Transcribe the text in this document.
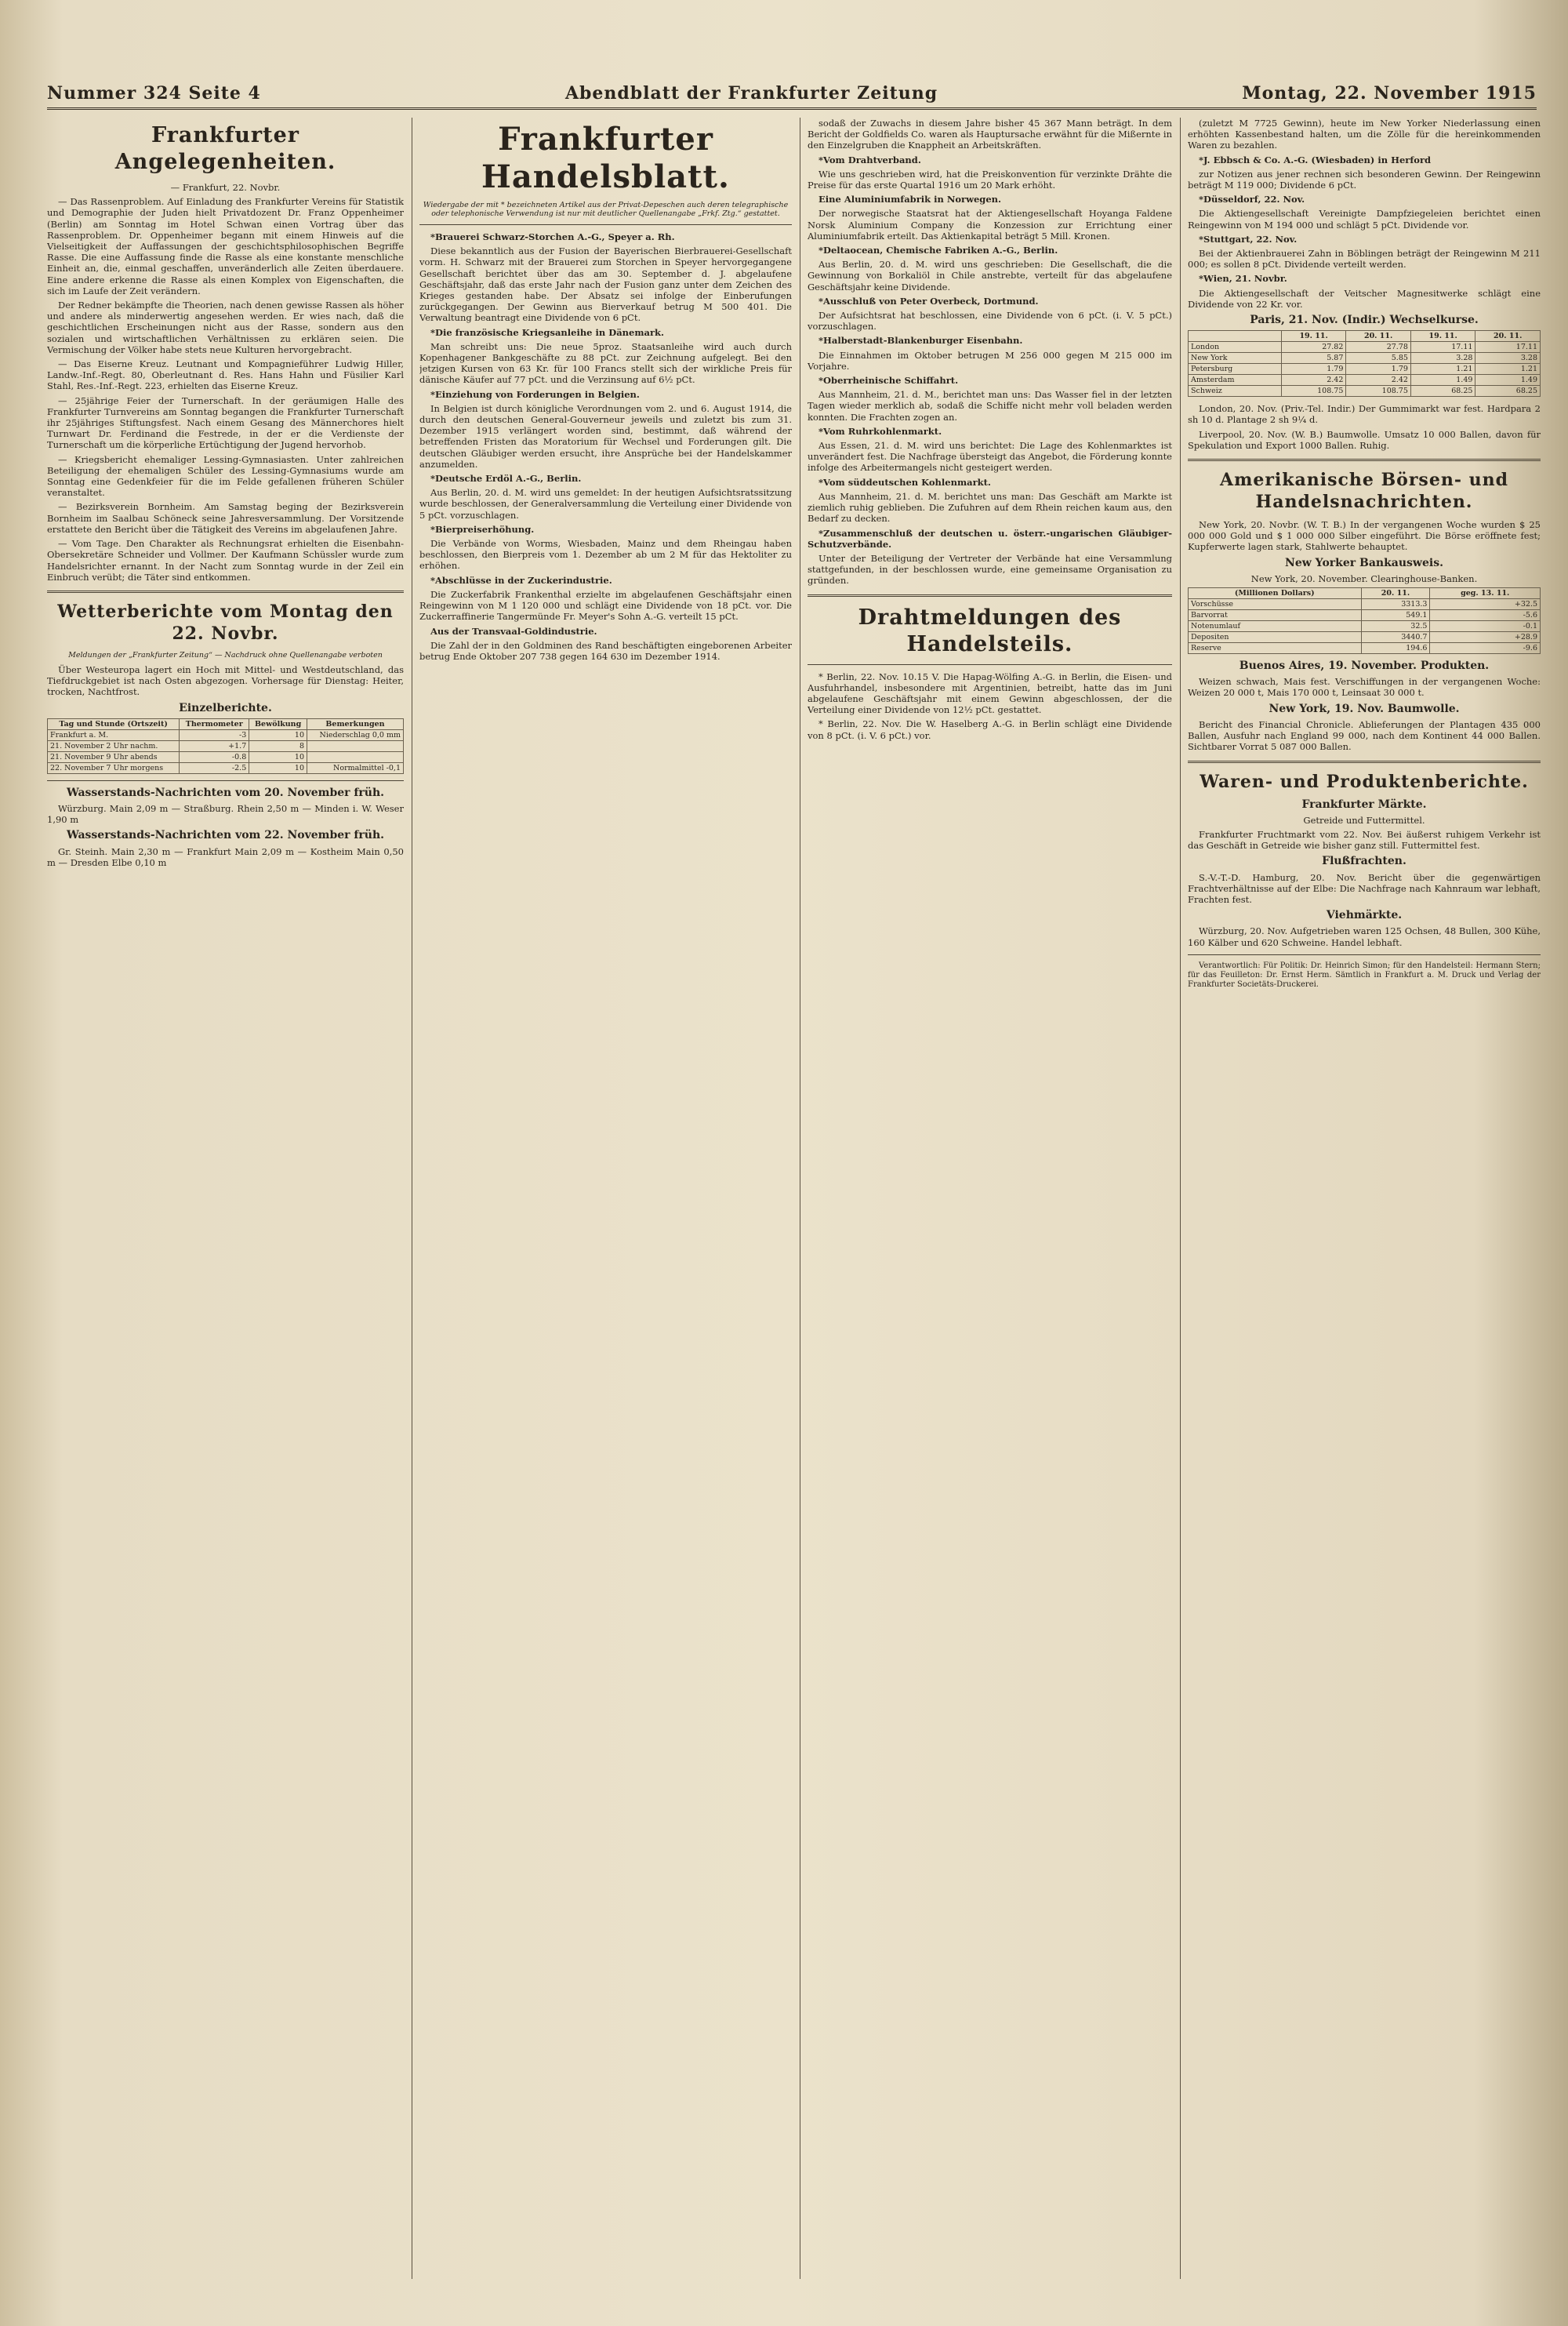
Nummer 324 Seite 4	Abendblatt der Frankfurter Zeitung	Montag, 22. November 1915
Frankfurter Angelegenheiten.

— Frankfurt, 22. Novbr.

— Das Rassenproblem. Auf Einladung des Frankfurter Vereins für Statistik und Demographie der Juden hielt Privatdozent Dr. Franz Oppenheimer (Berlin) am Sonntag im Hotel Schwan einen Vortrag über das Rassenproblem. Dr. Oppenheimer begann mit einem Hinweis auf die Vielseitigkeit der Auffassungen der geschichtsphilosophischen Begriffe Rasse. Die eine Auffassung finde die Rasse als eine konstante menschliche Einheit an, die, einmal geschaffen, unveränderlich alle Zeiten überdauere. Eine andere erkenne die Rasse als einen Komplex von Eigenschaften, die sich im Laufe der Zeit verändern.

Der Redner bekämpfte die Theorien, nach denen gewisse Rassen als höher und andere als minderwertig angesehen werden. Er wies nach, daß die geschichtlichen Erscheinungen nicht aus der Rasse, sondern aus den sozialen und wirtschaftlichen Verhältnissen zu erklären seien. Die Vermischung der Völker habe stets neue Kulturen hervorgebracht.

— Das Eiserne Kreuz. Leutnant und Kompagnieführer Ludwig Hiller, Landw.-Inf.-Regt. 80, Oberleutnant d. Res. Hans Hahn und Füsilier Karl Stahl, Res.-Inf.-Regt. 223, erhielten das Eiserne Kreuz.

— 25jährige Feier der Turnerschaft. In der geräumigen Halle des Frankfurter Turnvereins am Sonntag begangen die Frankfurter Turnerschaft ihr 25jähriges Stiftungsfest. Nach einem Gesang des Männerchores hielt Turnwart Dr. Ferdinand die Festrede, in der er die Verdienste der Turnerschaft um die körperliche Ertüchtigung der Jugend hervorhob.

— Kriegsbericht ehemaliger Lessing-Gymnasiasten. Unter zahlreichen Beteiligung der ehemaligen Schüler des Lessing-Gymnasiums wurde am Sonntag eine Gedenkfeier für die im Felde gefallenen früheren Schüler veranstaltet.

— Bezirksverein Bornheim. Am Samstag beging der Bezirksverein Bornheim im Saalbau Schöneck seine Jahresversammlung. Der Vorsitzende erstattete den Bericht über die Tätigkeit des Vereins im abgelaufenen Jahre.

— Vom Tage. Den Charakter als Rechnungsrat erhielten die Eisenbahn-Obersekretäre Schneider und Vollmer. Der Kaufmann Schüssler wurde zum Handelsrichter ernannt. In der Nacht zum Sonntag wurde in der Zeil ein Einbruch verübt; die Täter sind entkommen.

Wetterberichte vom Montag den 22. Novbr.
Meldungen der „Frankfurter Zeitung“ — Nachdruck ohne Quellenangabe verboten

Über Westeuropa lagert ein Hoch mit Mittel- und Westdeutschland, das Tiefdruckgebiet ist nach Osten abgezogen. Vorhersage für Dienstag: Heiter, trocken, Nachtfrost.

Einzelberichte.
Tag und Stunde (Ortszeit)	Thermometer	Bewölkung	Bemerkungen
Frankfurt a. M.	-3	10	Niederschlag 0,0 mm
21. November 2 Uhr nachm.	+1.7	8	
21. November 9 Uhr abends	-0.8	10	
22. November 7 Uhr morgens	-2.5	10	Normalmittel -0,1
Wasserstands-Nachrichten vom 20. November früh.

Würzburg. Main 2,09 m — Straßburg. Rhein 2,50 m — Minden i. W. Weser 1,90 m

Wasserstands-Nachrichten vom 22. November früh.

Gr. Steinh. Main 2,30 m — Frankfurt Main 2,09 m — Kostheim Main 0,50 m — Dresden Elbe 0,10 m

Frankfurter Handelsblatt.
Wiedergabe der mit * bezeichneten Artikel aus der Privat-Depeschen auch deren telegraphische oder telephonische Verwendung ist nur mit deutlicher Quellenangabe „Frkf. Ztg.“ gestattet.

*Brauerei Schwarz-Storchen A.-G., Speyer a. Rh.

Diese bekanntlich aus der Fusion der Bayerischen Bierbrauerei-Gesellschaft vorm. H. Schwarz mit der Brauerei zum Storchen in Speyer hervorgegangene Gesellschaft berichtet über das am 30. September d. J. abgelaufene Geschäftsjahr, daß das erste Jahr nach der Fusion ganz unter dem Zeichen des Krieges gestanden habe. Der Absatz sei infolge der Einberufungen zurückgegangen. Der Gewinn aus Bierverkauf betrug M 500 401. Die Verwaltung beantragt eine Dividende von 6 pCt.

*Die französische Kriegsanleihe in Dänemark.

Man schreibt uns: Die neue 5proz. Staatsanleihe wird auch durch Kopenhagener Bankgeschäfte zu 88 pCt. zur Zeichnung aufgelegt. Bei den jetzigen Kursen von 63 Kr. für 100 Francs stellt sich der wirkliche Preis für dänische Käufer auf 77 pCt. und die Verzinsung auf 6½ pCt.

*Einziehung von Forderungen in Belgien.

In Belgien ist durch königliche Verordnungen vom 2. und 6. August 1914, die durch den deutschen General-Gouverneur jeweils und zuletzt bis zum 31. Dezember 1915 verlängert worden sind, bestimmt, daß während der betreffenden Fristen das Moratorium für Wechsel und Forderungen gilt. Die deutschen Gläubiger werden ersucht, ihre Ansprüche bei der Handelskammer anzumelden.

*Deutsche Erdöl A.-G., Berlin.

Aus Berlin, 20. d. M. wird uns gemeldet: In der heutigen Aufsichtsratssitzung wurde beschlossen, der Generalversammlung die Verteilung einer Dividende von 5 pCt. vorzuschlagen.

*Bierpreiserhöhung.

Die Verbände von Worms, Wiesbaden, Mainz und dem Rheingau haben beschlossen, den Bierpreis vom 1. Dezember ab um 2 M für das Hektoliter zu erhöhen.

*Abschlüsse in der Zuckerindustrie.

Die Zuckerfabrik Frankenthal erzielte im abgelaufenen Geschäftsjahr einen Reingewinn von M 1 120 000 und schlägt eine Dividende von 18 pCt. vor. Die Zuckerraffinerie Tangermünde Fr. Meyer's Sohn A.-G. verteilt 15 pCt.

Aus der Transvaal-Goldindustrie.

Die Zahl der in den Goldminen des Rand beschäftigten eingeborenen Arbeiter betrug Ende Oktober 207 738 gegen 164 630 im Dezember 1914.

sodaß der Zuwachs in diesem Jahre bisher 45 367 Mann beträgt. In dem Bericht der Goldfields Co. waren als Hauptursache erwähnt für die Mißernte in den Einzelgruben die Knappheit an Arbeitskräften.

*Vom Drahtverband.

Wie uns geschrieben wird, hat die Preiskonvention für verzinkte Drähte die Preise für das erste Quartal 1916 um 20 Mark erhöht.

Eine Aluminiumfabrik in Norwegen.

Der norwegische Staatsrat hat der Aktiengesellschaft Hoyanga Faldene Norsk Aluminium Company die Konzession zur Errichtung einer Aluminiumfabrik erteilt. Das Aktienkapital beträgt 5 Mill. Kronen.

*Deltaocean, Chemische Fabriken A.-G., Berlin.

Aus Berlin, 20. d. M. wird uns geschrieben: Die Gesellschaft, die die Gewinnung von Borkaliöl in Chile anstrebte, verteilt für das abgelaufene Geschäftsjahr keine Dividende.

*Ausschluß von Peter Overbeck, Dortmund.

Der Aufsichtsrat hat beschlossen, eine Dividende von 6 pCt. (i. V. 5 pCt.) vorzuschlagen.

*Halberstadt-Blankenburger Eisenbahn.

Die Einnahmen im Oktober betrugen M 256 000 gegen M 215 000 im Vorjahre.

*Oberrheinische Schiffahrt.

Aus Mannheim, 21. d. M., berichtet man uns: Das Wasser fiel in der letzten Tagen wieder merklich ab, sodaß die Schiffe nicht mehr voll beladen werden konnten. Die Frachten zogen an.

*Vom Ruhrkohlenmarkt.

Aus Essen, 21. d. M. wird uns berichtet: Die Lage des Kohlenmarktes ist unverändert fest. Die Nachfrage übersteigt das Angebot, die Förderung konnte infolge des Arbeitermangels nicht gesteigert werden.

*Vom süddeutschen Kohlenmarkt.

Aus Mannheim, 21. d. M. berichtet uns man: Das Geschäft am Markte ist ziemlich ruhig geblieben. Die Zufuhren auf dem Rhein reichen kaum aus, den Bedarf zu decken.

*Zusammenschluß der deutschen u. österr.-ungarischen Gläubiger-Schutzverbände.

Unter der Beteiligung der Vertreter der Verbände hat eine Versammlung stattgefunden, in der beschlossen wurde, eine gemeinsame Organisation zu gründen.

Drahtmeldungen des Handelsteils.

* Berlin, 22. Nov. 10.15 V. Die Hapag-Wölfing A.-G. in Berlin, die Eisen- und Ausfuhrhandel, insbesondere mit Argentinien, betreibt, hatte das im Juni abgelaufene Geschäftsjahr mit einem Gewinn abgeschlossen, der die Verteilung einer Dividende von 12½ pCt. gestattet.

* Berlin, 22. Nov. Die W. Haselberg A.-G. in Berlin schlägt eine Dividende von 8 pCt. (i. V. 6 pCt.) vor.

(zuletzt M 7725 Gewinn), heute im New Yorker Niederlassung einen erhöhten Kassenbestand halten, um die Zölle für die hereinkommenden Waren zu bezahlen.

*J. Ebbsch & Co. A.-G. (Wiesbaden) in Herford

zur Notizen aus jener rechnen sich besonderen Gewinn. Der Reingewinn beträgt M 119 000; Dividende 6 pCt.

*Düsseldorf, 22. Nov.

Die Aktiengesellschaft Vereinigte Dampfziegeleien berichtet einen Reingewinn von M 194 000 und schlägt 5 pCt. Dividende vor.

*Stuttgart, 22. Nov.

Bei der Aktienbrauerei Zahn in Böblingen beträgt der Reingewinn M 211 000; es sollen 8 pCt. Dividende verteilt werden.

*Wien, 21. Novbr.

Die Aktiengesellschaft der Veitscher Magnesitwerke schlägt eine Dividende von 22 Kr. vor.

Paris, 21. Nov. (Indir.) Wechselkurse.
	19. 11.	20. 11.	19. 11.	20. 11.
London	27.82	27.78	17.11	17.11
New York	5.87	5.85	3.28	3.28
Petersburg	1.79	1.79	1.21	1.21
Amsterdam	2.42	2.42	1.49	1.49
Schweiz	108.75	108.75	68.25	68.25

London, 20. Nov. (Priv.-Tel. Indir.) Der Gummimarkt war fest. Hardpara 2 sh 10 d. Plantage 2 sh 9¼ d.

Liverpool, 20. Nov. (W. B.) Baumwolle. Umsatz 10 000 Ballen, davon für Spekulation und Export 1000 Ballen. Ruhig.

Amerikanische Börsen- und Handelsnachrichten.

New York, 20. Novbr. (W. T. B.) In der vergangenen Woche wurden $ 25 000 000 Gold und $ 1 000 000 Silber eingeführt. Die Börse eröffnete fest; Kupferwerte lagen stark, Stahlwerte behauptet.

New Yorker Bankausweis.

New York, 20. November. Clearinghouse-Banken.

(Millionen Dollars)	20. 11.	geg. 13. 11.
Vorschüsse	3313.3	+32.5
Barvorrat	549.1	-5.6
Notenumlauf	32.5	-0.1
Depositen	3440.7	+28.9
Reserve	194.6	-9.6
Buenos Aires, 19. November. Produkten.

Weizen schwach, Mais fest. Verschiffungen in der vergangenen Woche: Weizen 20 000 t, Mais 170 000 t, Leinsaat 30 000 t.

New York, 19. Nov. Baumwolle.

Bericht des Financial Chronicle. Ablieferungen der Plantagen 435 000 Ballen, Ausfuhr nach England 99 000, nach dem Kontinent 44 000 Ballen. Sichtbarer Vorrat 5 087 000 Ballen.

Waren- und Produktenberichte.
Frankfurter Märkte.

Getreide und Futtermittel.

Frankfurter Fruchtmarkt vom 22. Nov. Bei äußerst ruhigem Verkehr ist das Geschäft in Getreide wie bisher ganz still. Futtermittel fest.

Flußfrachten.

S.-V.-T.-D. Hamburg, 20. Nov. Bericht über die gegenwärtigen Frachtverhältnisse auf der Elbe: Die Nachfrage nach Kahnraum war lebhaft, Frachten fest.

Viehmärkte.

Würzburg, 20. Nov. Aufgetrieben waren 125 Ochsen, 48 Bullen, 300 Kühe, 160 Kälber und 620 Schweine. Handel lebhaft.

Verantwortlich: Für Politik: Dr. Heinrich Simon; für den Handelsteil: Hermann Stern; für das Feuilleton: Dr. Ernst Herm. Sämtlich in Frankfurt a. M. Druck und Verlag der Frankfurter Societäts-Druckerei.
